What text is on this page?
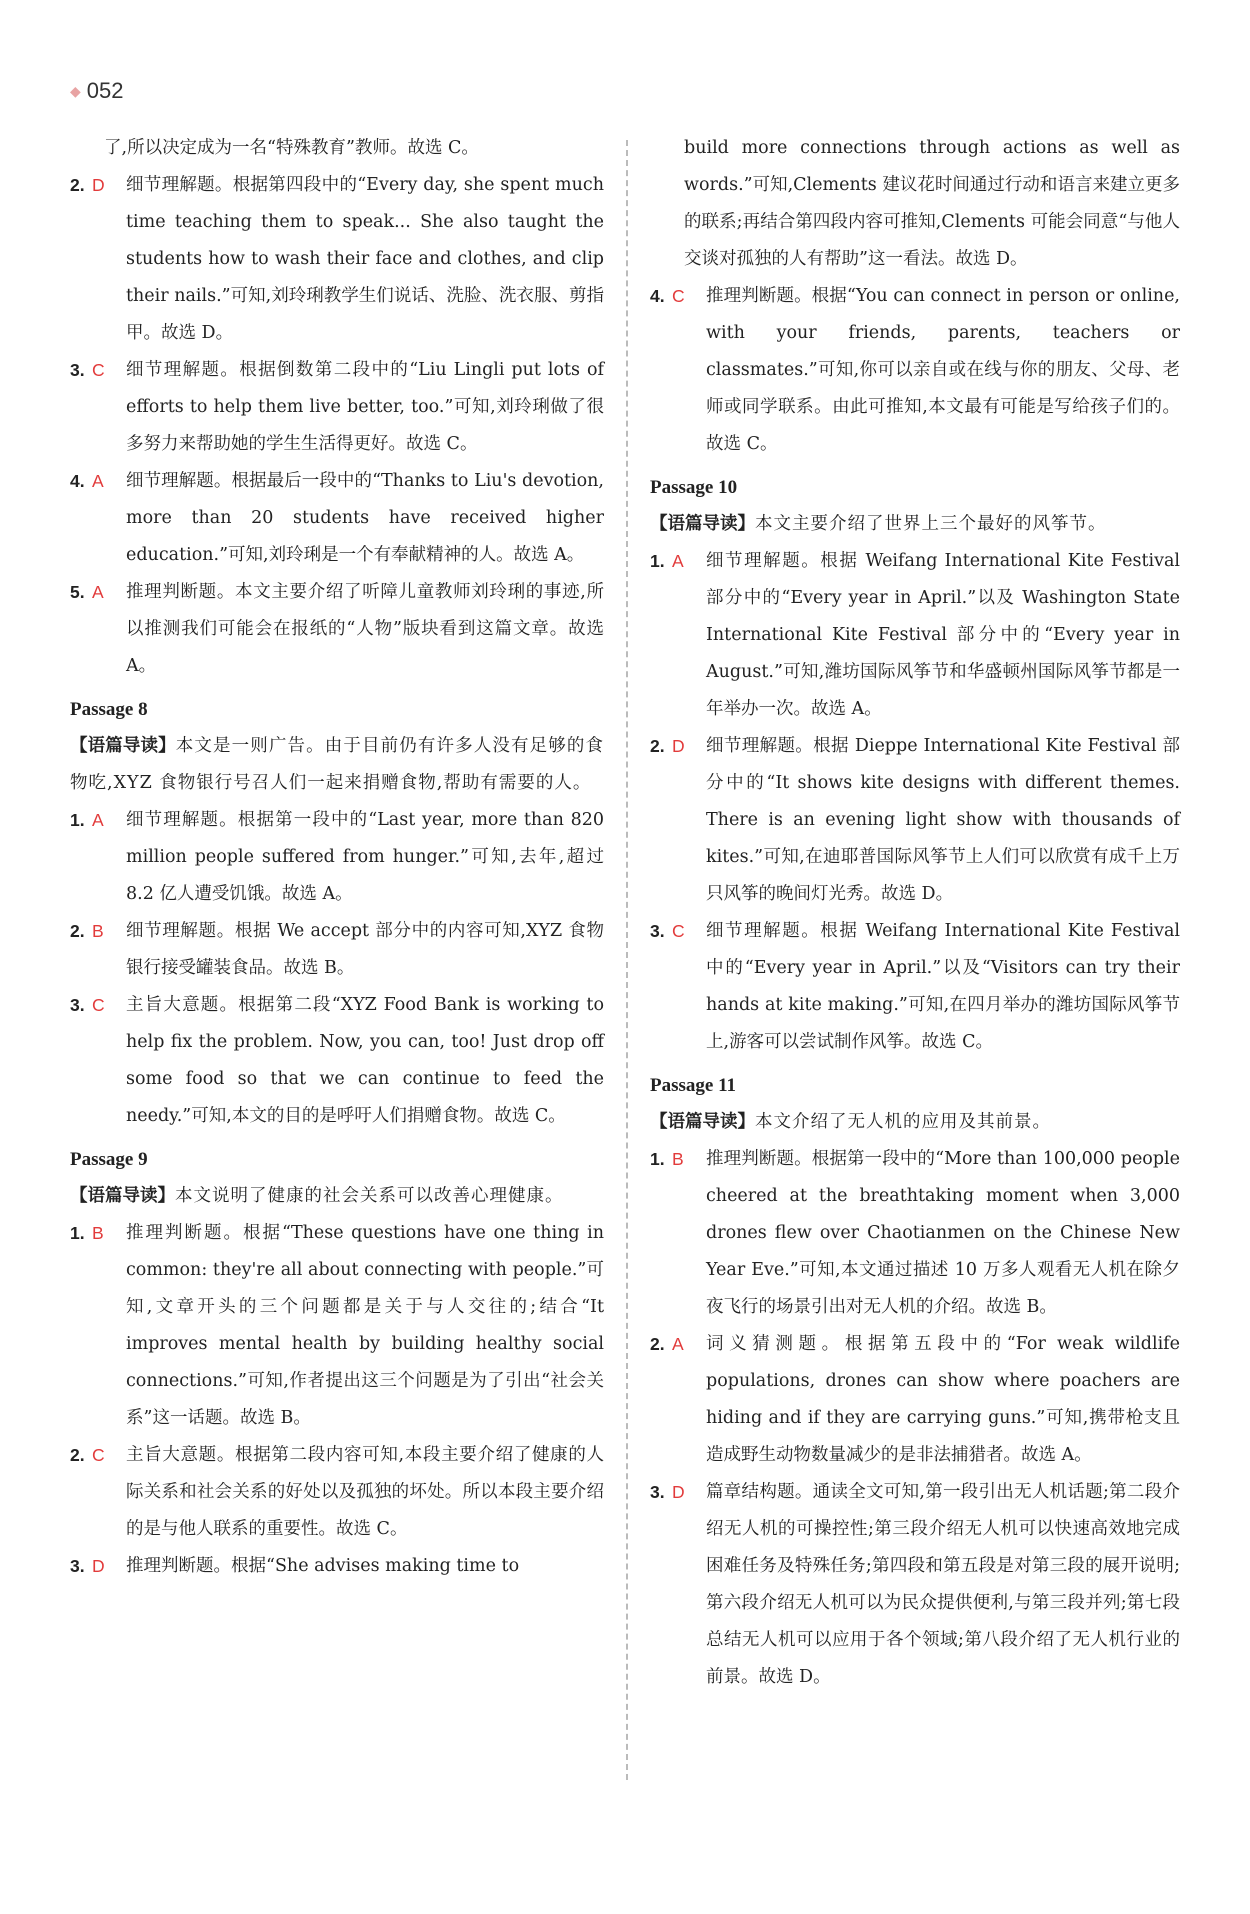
◆ 052
了,所以决定成为一名“特殊教育”教师。故选 C。
2. D	细节理解题。根据第四段中的“Every day, she spent much time teaching them to speak... She also taught the students how to wash their face and clothes, and clip their nails.”可知,刘玲琍教学生们说话、洗脸、洗衣服、剪指甲。故选 D。
3. C	细节理解题。根据倒数第二段中的“Liu Lingli put lots of efforts to help them live better, too.”可知,刘玲琍做了很多努力来帮助她的学生生活得更好。故选 C。
4. A	细节理解题。根据最后一段中的“Thanks to Liu's devotion, more than 20 students have received higher education.”可知,刘玲琍是一个有奉献精神的人。故选 A。
5. A	推理判断题。本文主要介绍了听障儿童教师刘玲琍的事迹,所以推测我们可能会在报纸的“人物”版块看到这篇文章。故选 A。
Passage 8
【语篇导读】本文是一则广告。由于目前仍有许多人没有足够的食物吃,XYZ 食物银行号召人们一起来捐赠食物,帮助有需要的人。
1. A	细节理解题。根据第一段中的“Last year, more than 820 million people suffered from hunger.”可知,去年,超过 8.2 亿人遭受饥饿。故选 A。
2. B	细节理解题。根据 We accept 部分中的内容可知,XYZ 食物银行接受罐装食品。故选 B。
3. C	主旨大意题。根据第二段“XYZ Food Bank is working to help fix the problem. Now, you can, too! Just drop off some food so that we can continue to feed the needy.”可知,本文的目的是呼吁人们捐赠食物。故选 C。
Passage 9
【语篇导读】本文说明了健康的社会关系可以改善心理健康。
1. B	推理判断题。根据“These questions have one thing in common: they're all about connecting with people.”可知,文章开头的三个问题都是关于与人交往的;结合“It improves mental health by building healthy social connections.”可知,作者提出这三个问题是为了引出“社会关系”这一话题。故选 B。
2. C	主旨大意题。根据第二段内容可知,本段主要介绍了健康的人际关系和社会关系的好处以及孤独的坏处。所以本段主要介绍的是与他人联系的重要性。故选 C。
3. D	推理判断题。根据“She advises making time to
build more connections through actions as well as words.”可知,Clements 建议花时间通过行动和语言来建立更多的联系;再结合第四段内容可推知,Clements 可能会同意“与他人交谈对孤独的人有帮助”这一看法。故选 D。
4. C	推理判断题。根据“You can connect in person or online, with your friends, parents, teachers or classmates.”可知,你可以亲自或在线与你的朋友、父母、老师或同学联系。由此可推知,本文最有可能是写给孩子们的。故选 C。
Passage 10
【语篇导读】本文主要介绍了世界上三个最好的风筝节。
1. A	细节理解题。根据 Weifang International Kite Festival 部分中的“Every year in April.”以及 Washington State International Kite Festival 部分中的“Every year in August.”可知,潍坊国际风筝节和华盛顿州国际风筝节都是一年举办一次。故选 A。
2. D	细节理解题。根据 Dieppe International Kite Festival 部分中的“It shows kite designs with different themes. There is an evening light show with thousands of kites.”可知,在迪耶普国际风筝节上人们可以欣赏有成千上万只风筝的晚间灯光秀。故选 D。
3. C	细节理解题。根据 Weifang International Kite Festival 中的“Every year in April.”以及“Visitors can try their hands at kite making.”可知,在四月举办的潍坊国际风筝节上,游客可以尝试制作风筝。故选 C。
Passage 11
【语篇导读】本文介绍了无人机的应用及其前景。
1. B	推理判断题。根据第一段中的“More than 100,000 people cheered at the breathtaking moment when 3,000 drones flew over Chaotianmen on the Chinese New Year Eve.”可知,本文通过描述 10 万多人观看无人机在除夕夜飞行的场景引出对无人机的介绍。故选 B。
2. A	词义猜测题。根据第五段中的“For weak wildlife populations, drones can show where poachers are hiding and if they are carrying guns.”可知,携带枪支且造成野生动物数量减少的是非法捕猎者。故选 A。
3. D	篇章结构题。通读全文可知,第一段引出无人机话题;第二段介绍无人机的可操控性;第三段介绍无人机可以快速高效地完成困难任务及特殊任务;第四段和第五段是对第三段的展开说明;第六段介绍无人机可以为民众提供便利,与第三段并列;第七段总结无人机可以应用于各个领域;第八段介绍了无人机行业的前景。故选 D。
